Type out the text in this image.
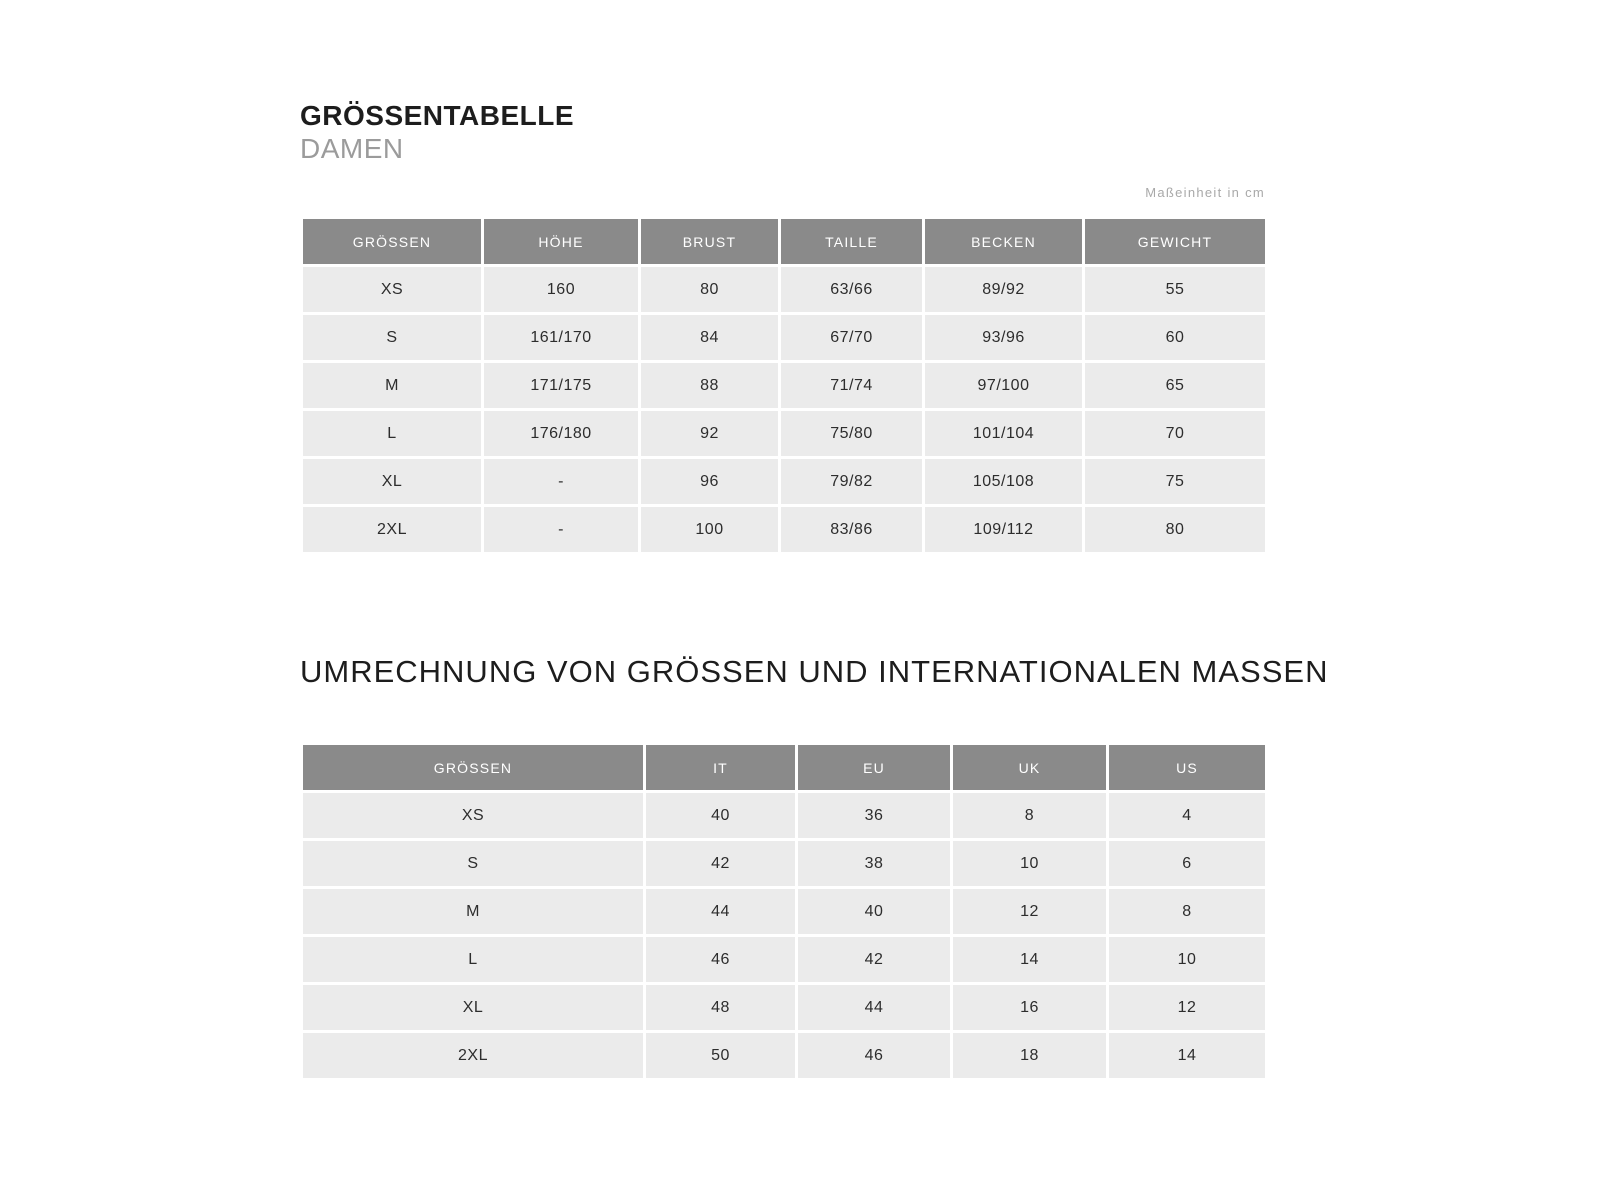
GRÖSSENTABELLE
DAMEN
Maßeinheit in cm
GRÖSSEN	HÖHE	BRUST	TAILLE	BECKEN	GEWICHT
XS	160	80	63/66	89/92	55
S	161/170	84	67/70	93/96	60
M	171/175	88	71/74	97/100	65
L	176/180	92	75/80	101/104	70
XL	-	96	79/82	105/108	75
2XL	-	100	83/86	109/112	80
UMRECHNUNG VON GRÖSSEN UND INTERNATIONALEN MASSEN
GRÖSSEN	IT	EU	UK	US
XS	40	36	8	4
S	42	38	10	6
M	44	40	12	8
L	46	42	14	10
XL	48	44	16	12
2XL	50	46	18	14
